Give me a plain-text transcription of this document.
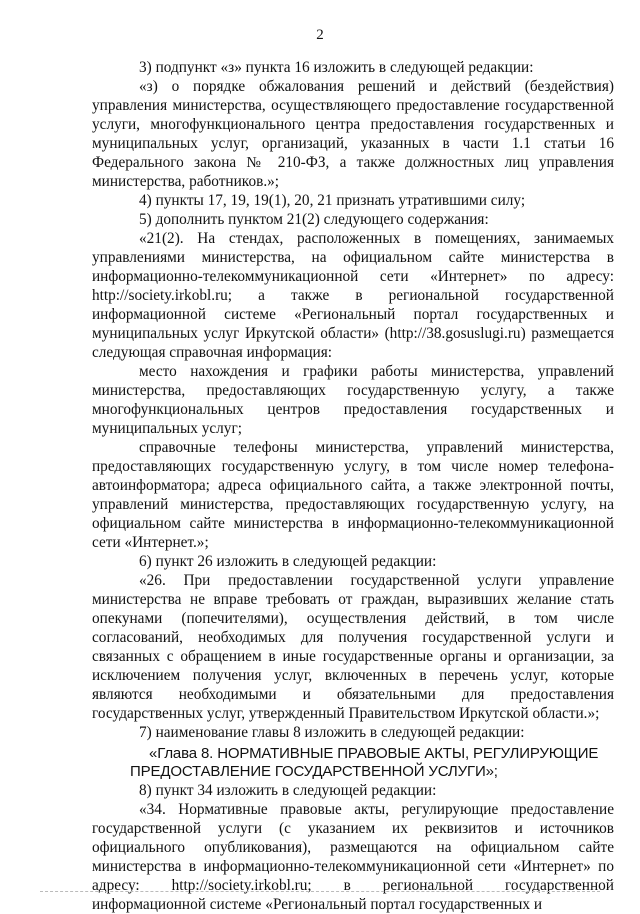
2

3) подпункт «з» пункта 16 изложить в следующей редакции:

«з) о порядке обжалования решений и действий (бездействия) управления министерства, осуществляющего предоставление государственной услуги, многофункционального центра предоставления государственных и муниципальных услуг, организаций, указанных в части 1.1 статьи 16 Федерального закона № 210-ФЗ, а также должностных лиц управления министерства, работников.»;

4) пункты 17, 19, 19(1), 20, 21 признать утратившими силу;

5) дополнить пунктом 21(2) следующего содержания:

«21(2). На стендах, расположенных в помещениях, занимаемых управлениями министерства, на официальном сайте министерства в информационно-телекоммуникационной сети «Интернет» по адресу: http://society.irkobl.ru; а также в региональной государственной информационной системе «Региональный портал государственных и муниципальных услуг Иркутской области» (http://38.gosuslugi.ru) размещается следующая справочная информация:

место нахождения и графики работы министерства, управлений министерства, предоставляющих государственную услугу, а также многофункциональных центров предоставления государственных и муниципальных услуг;

справочные телефоны министерства, управлений министерства, предоставляющих государственную услугу, в том числе номер телефона-автоинформатора; адреса официального сайта, а также электронной почты, управлений министерства, предоставляющих государственную услугу, на официальном сайте министерства в информационно-телекоммуникационной сети «Интернет.»;

6) пункт 26 изложить в следующей редакции:

«26. При предоставлении государственной услуги управление министерства не вправе требовать от граждан, выразивших желание стать опекунами (попечителями), осуществления действий, в том числе согласований, необходимых для получения государственной услуги и связанных с обращением в иные государственные органы и организации, за исключением получения услуг, включенных в перечень услуг, которые являются необходимыми и обязательными для предоставления государственных услуг, утвержденный Правительством Иркутской области.»;

7) наименование главы 8 изложить в следующей редакции:

«Глава 8. НОРМАТИВНЫЕ ПРАВОВЫЕ АКТЫ, РЕГУЛИРУЮЩИЕ
ПРЕДОСТАВЛЕНИЕ ГОСУДАРСТВЕННОЙ УСЛУГИ»;

8) пункт 34 изложить в следующей редакции:

«34. Нормативные правовые акты, регулирующие предоставление государственной услуги (с указанием их реквизитов и источников официального опубликования), размещаются на официальном сайте министерства в информационно-телекоммуникационной сети «Интернет» по адресу: http://society.irkobl.ru; в региональной государственной информационной системе «Региональный портал государственных и
